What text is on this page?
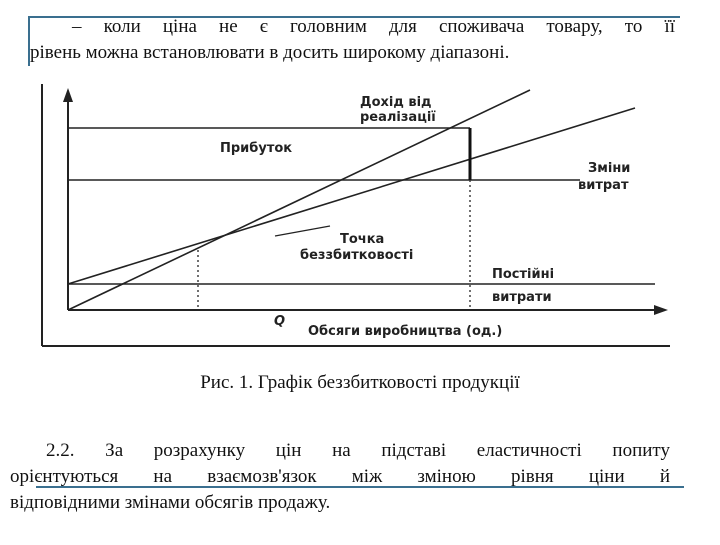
– коли ціна не є головним для споживача товару, то її
рівень можна встановлювати в досить широкому діапазоні.
Дохід від
реалізації
Прибуток
Зміни
витрат
Точка
беззбитковості
Постійні
витрати
Q
Обсяги виробництва (од.)
Рис. 1. Графік беззбитковості продукції
2.2. За розрахунку цін на підставі еластичності попиту
орієнтуються на взаємозв'язок між зміною рівня ціни й
відповідними змінами обсягів продажу.
